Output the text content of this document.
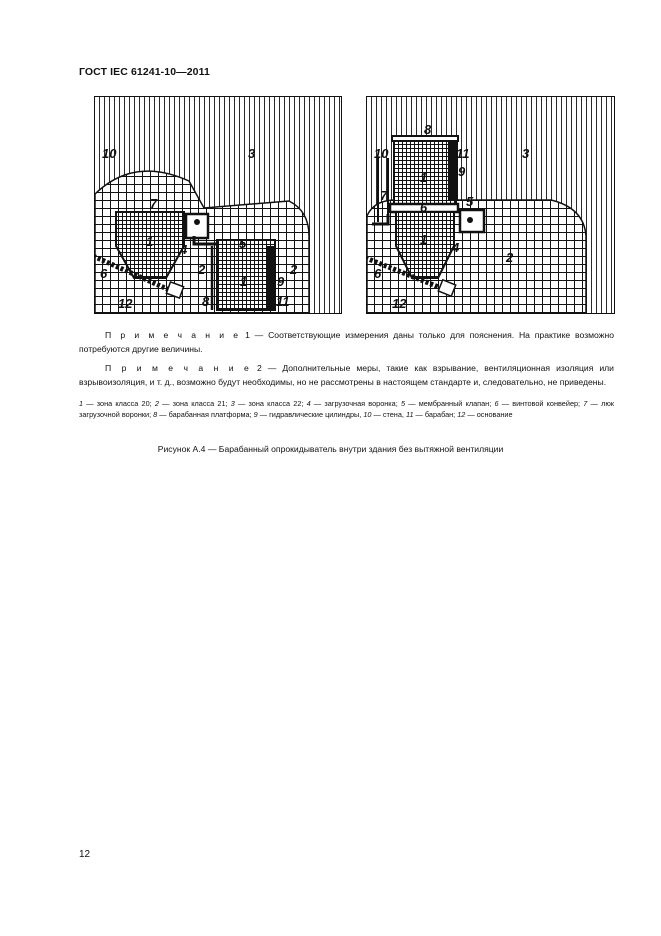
ГОСТ IEC 61241-10—2011
10	3
7
1
4	5
2
1 9
2
6
12	8	11
8
10	3
11
9
1
7
6	5
1
4
2
6
12

П р и м е ч а н и е 1 — Соответствующие измерения даны только для пояснения. На практике возможно потребуются другие величины.

П р и м е ч а н и е 2 — Дополнительные меры, такие как взрывание, вентиляционная изоляция или взрывоизоляция, и т. д., возможно будут необходимы, но не рассмотрены в настоящем стандарте и, следовательно, не приведены.

1 — зона класса 20; 2 — зона класса 21; 3 — зона класса 22; 4 — загрузочная воронка; 5 — мембранный клапан; 6 — винтовой конвейер; 7 — люк загрузочной воронки; 8 — барабанная платформа; 9 — гидравлические цилиндры, 10 — стена, 11 — барабан; 12 — основание
Рисунок А.4 — Барабанный опрокидыватель внутри здания без вытяжной вентиляции
12
